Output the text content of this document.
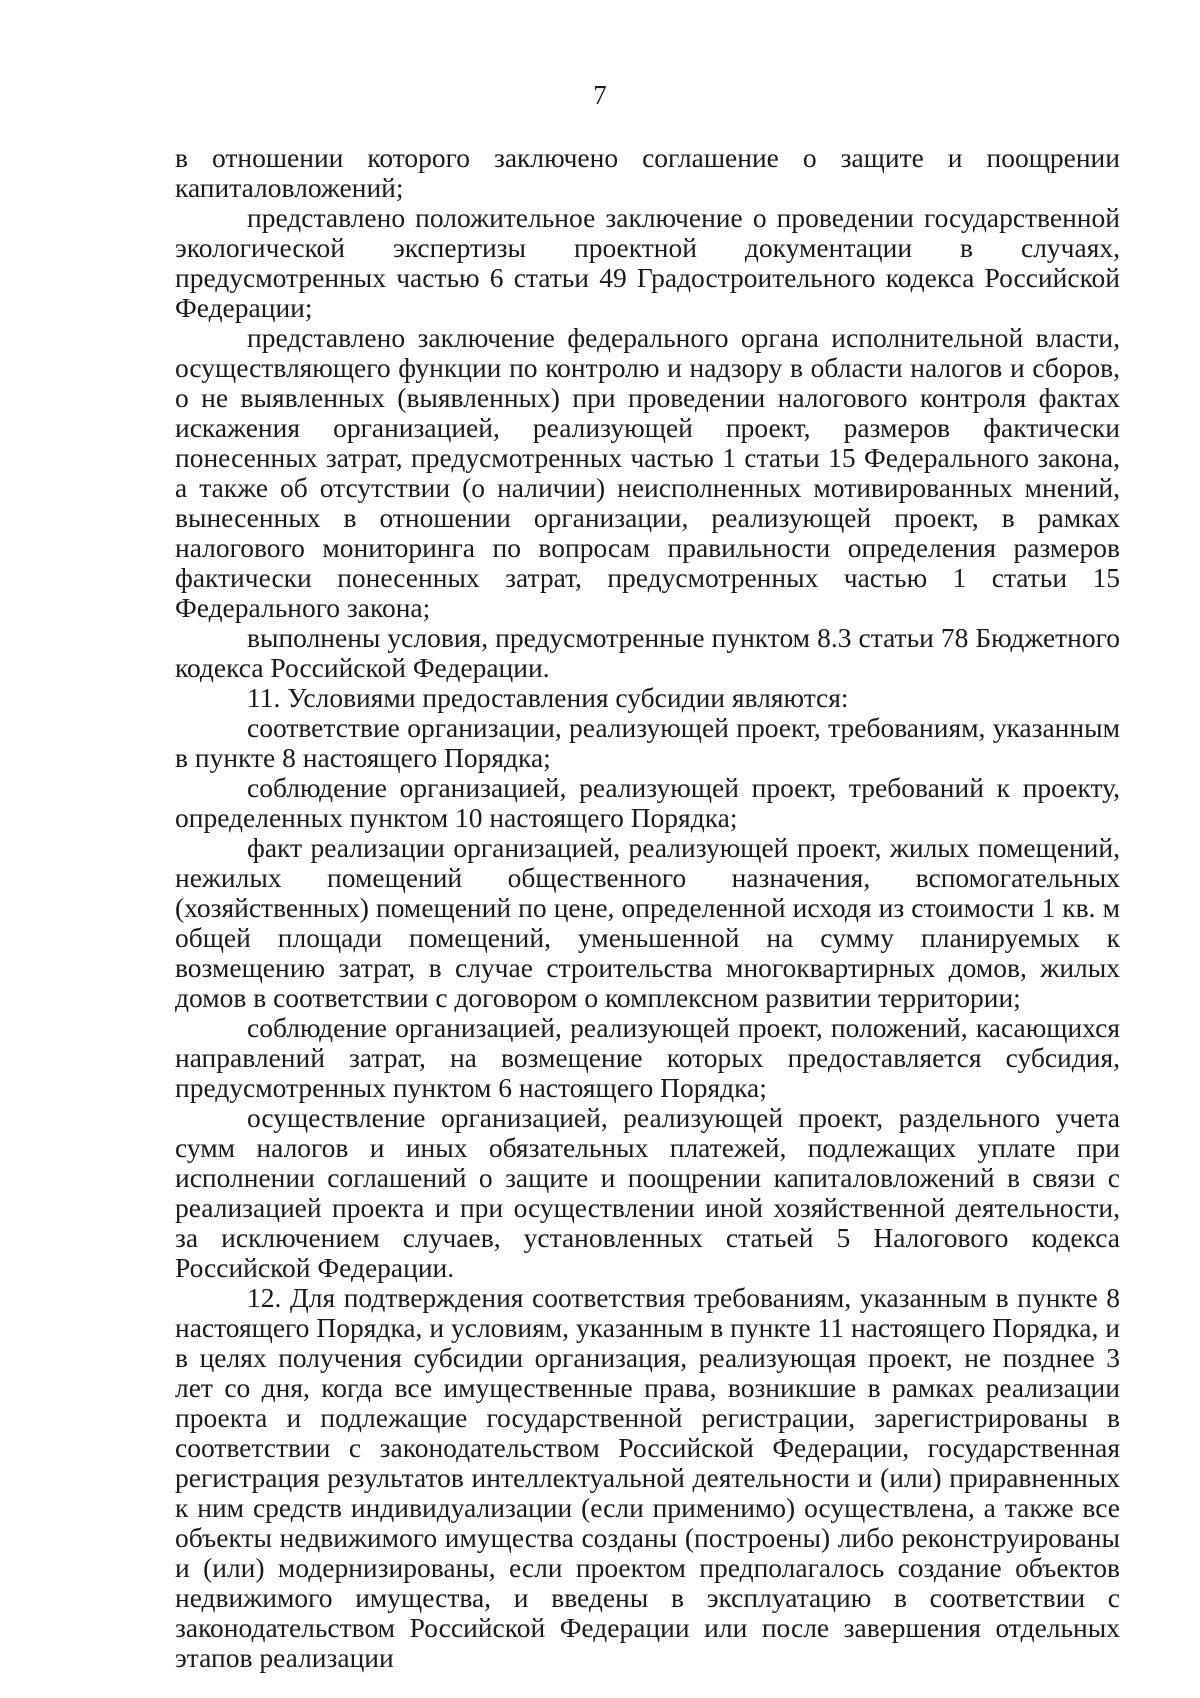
7

в отношении которого заключено соглашение о защите и поощрении капиталовложений;

представлено положительное заключение о проведении государственной экологической экспертизы проектной документации в случаях, предусмотренных частью 6 статьи 49 Градостроительного кодекса Российской Федерации;

представлено заключение федерального органа исполнительной власти, осуществляющего функции по контролю и надзору в области налогов и сборов, о не выявленных (выявленных) при проведении налогового контроля фактах искажения организацией, реализующей проект, размеров фактически понесенных затрат, предусмотренных частью 1 статьи 15 Федерального закона, а также об отсутствии (о наличии) неисполненных мотивированных мнений, вынесенных в отношении организации, реализующей проект, в рамках налогового мониторинга по вопросам правильности определения размеров фактически понесенных затрат, предусмотренных частью 1 статьи 15 Федерального закона;

выполнены условия, предусмотренные пунктом 8.3 статьи 78 Бюджетного кодекса Российской Федерации.

11. Условиями предоставления субсидии являются:

соответствие организации, реализующей проект, требованиям, указанным в пункте 8 настоящего Порядка;

соблюдение организацией, реализующей проект, требований к проекту, определенных пунктом 10 настоящего Порядка;

факт реализации организацией, реализующей проект, жилых помещений, нежилых помещений общественного назначения, вспомогательных (хозяйственных) помещений по цене, определенной исходя из стоимости 1 кв. м общей площади помещений, уменьшенной на сумму планируемых к возмещению затрат, в случае строительства многоквартирных домов, жилых домов в соответствии с договором о комплексном развитии территории;

соблюдение организацией, реализующей проект, положений, касающихся направлений затрат, на возмещение которых предоставляется субсидия, предусмотренных пунктом 6 настоящего Порядка;

осуществление организацией, реализующей проект, раздельного учета сумм налогов и иных обязательных платежей, подлежащих уплате при исполнении соглашений о защите и поощрении капиталовложений в связи с реализацией проекта и при осуществлении иной хозяйственной деятельности, за исключением случаев, установленных статьей 5 Налогового кодекса Российской Федерации.

12. Для подтверждения соответствия требованиям, указанным в пункте 8 настоящего Порядка, и условиям, указанным в пункте 11 настоящего Порядка, и в целях получения субсидии организация, реализующая проект, не позднее 3 лет со дня, когда все имущественные права, возникшие в рамках реализации проекта и подлежащие государственной регистрации, зарегистрированы в соответствии с законодательством Российской Федерации, государственная регистрация результатов интеллектуальной деятельности и (или) приравненных к ним средств индивидуализации (если применимо) осуществлена, а также все объекты недвижимого имущества созданы (построены) либо реконструированы и (или) модернизированы, если проектом предполагалось создание объектов недвижимого имущества, и введены в эксплуатацию в соответствии с законодательством Российской Федерации или после завершения отдельных этапов реализации
